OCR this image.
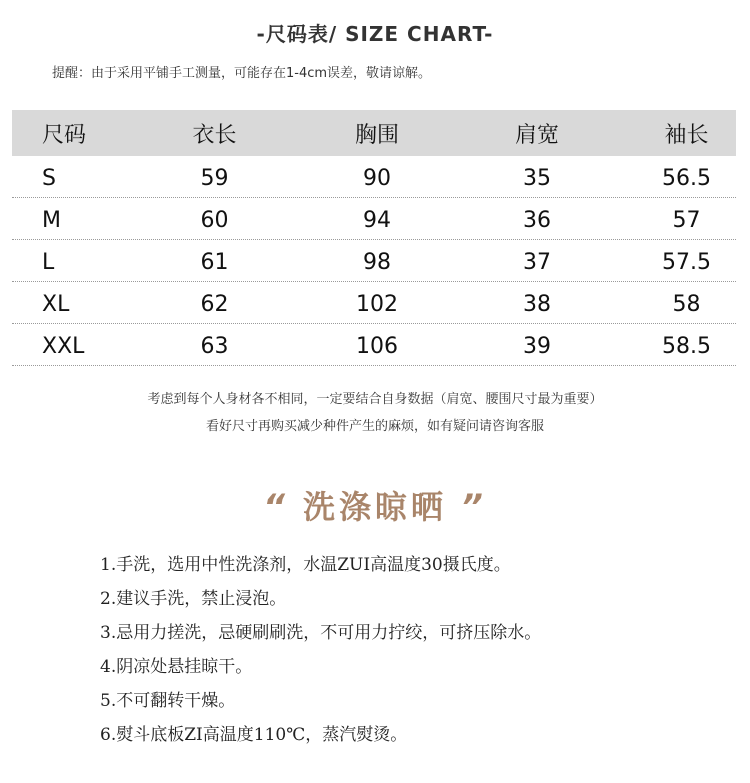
-尺码表/ SIZE CHART-
提醒：由于采用平铺手工测量，可能存在1-4cm误差，敬请谅解。
尺码	衣长	胸围	肩宽	袖长
S	59	90	35	56.5
M	60	94	36	57
L	61	98	37	57.5
XL	62	102	38	58
XXL	63	106	39	58.5
考虑到每个人身材各不相同，一定要结合自身数据（肩宽、腰围尺寸最为重要）
看好尺寸再购买减少种件产生的麻烦，如有疑问请咨询客服
“ 洗涤晾晒 ”
1.手洗，选用中性洗涤剂，水温ZUI高温度30摄氏度。
2.建议手洗，禁止浸泡。
3.忌用力搓洗，忌硬刷刷洗，不可用力拧绞，可挤压除水。
4.阴凉处悬挂晾干。
5.不可翻转干燥。
6.熨斗底板ZI高温度110℃，蒸汽熨烫。
